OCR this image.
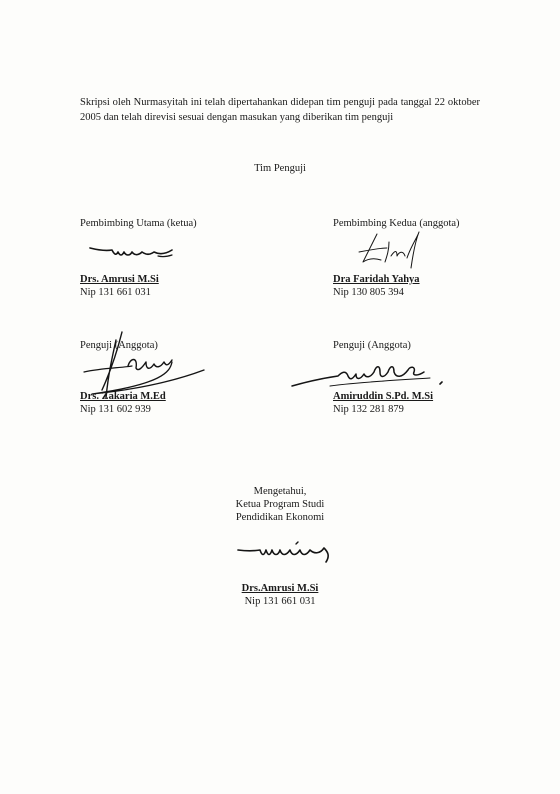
Skripsi oleh Nurmasyitah ini telah dipertahankan didepan tim penguji pada tanggal 22 oktober 2005 dan telah direvisi sesuai dengan masukan yang diberikan tim penguji

Tim Penguji
Pembimbing Utama (ketua)
Drs. Amrusi M.Si
Nip 131 661 031
Pembimbing Kedua (anggota)
Dra Faridah Yahya
Nip 130 805 394
Penguji (Anggota)
Drs. Zakaria M.Ed
Nip 131 602 939
Penguji (Anggota)
Amiruddin S.Pd. M.Si
Nip 132 281 879
Mengetahui,
Ketua Program Studi
Pendidikan Ekonomi
Drs.Amrusi M.Si
Nip 131 661 031
